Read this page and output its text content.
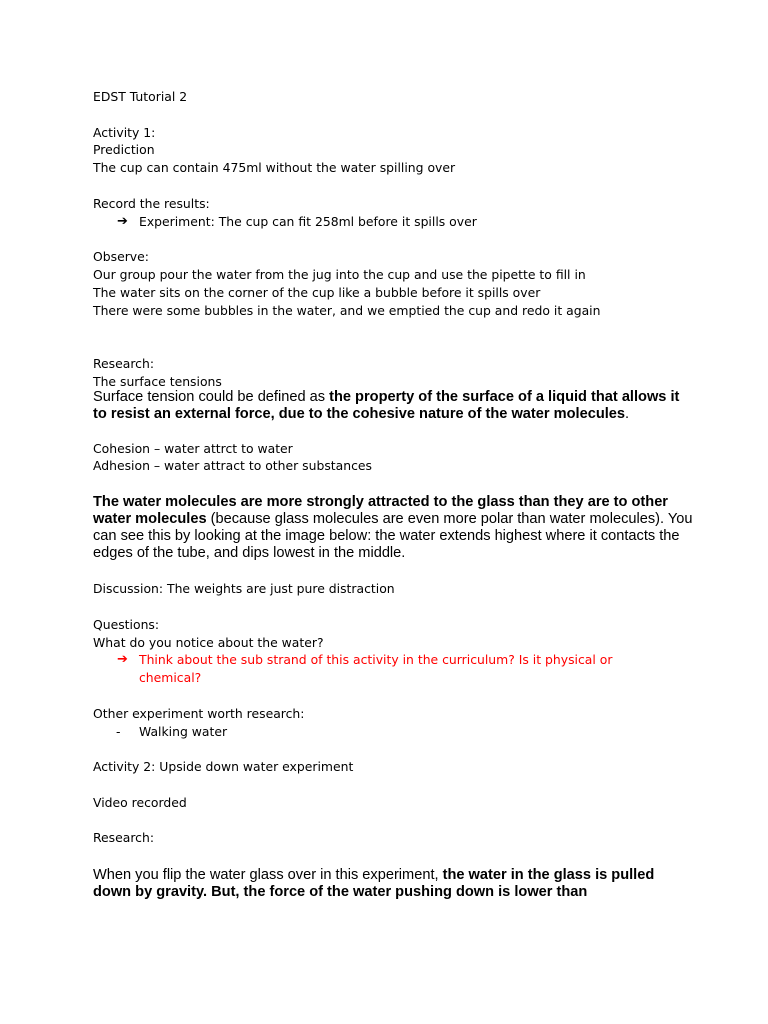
EDST Tutorial 2

Activity 1:

Prediction

The cup can contain 475ml without the water spilling over

Record the results:

➔ Experiment: The cup can fit 258ml before it spills over

Observe:

Our group pour the water from the jug into the cup and use the pipette to fill in

The water sits on the corner of the cup like a bubble before it spills over

There were some bubbles in the water, and we emptied the cup and redo it again

Research:

The surface tensions

Surface tension could be defined as the property of the surface of a liquid that allows it to resist an external force, due to the cohesive nature of the water molecules.

Cohesion – water attrct to water

Adhesion – water attract to other substances

The water molecules are more strongly attracted to the glass than they are to other water molecules (because glass molecules are even more polar than water molecules). You can see this by looking at the image below: the water extends highest where it contacts the edges of the tube, and dips lowest in the middle.

Discussion: The weights are just pure distraction

Questions:

What do you notice about the water?

➔ Think about the sub strand of this activity in the curriculum? Is it physical or chemical?

Other experiment worth research:

- Walking water

Activity 2: Upside down water experiment

Video recorded

Research:

When you flip the water glass over in this experiment, the water in the glass is pulled down by gravity. But, the force of the water pushing down is lower than
